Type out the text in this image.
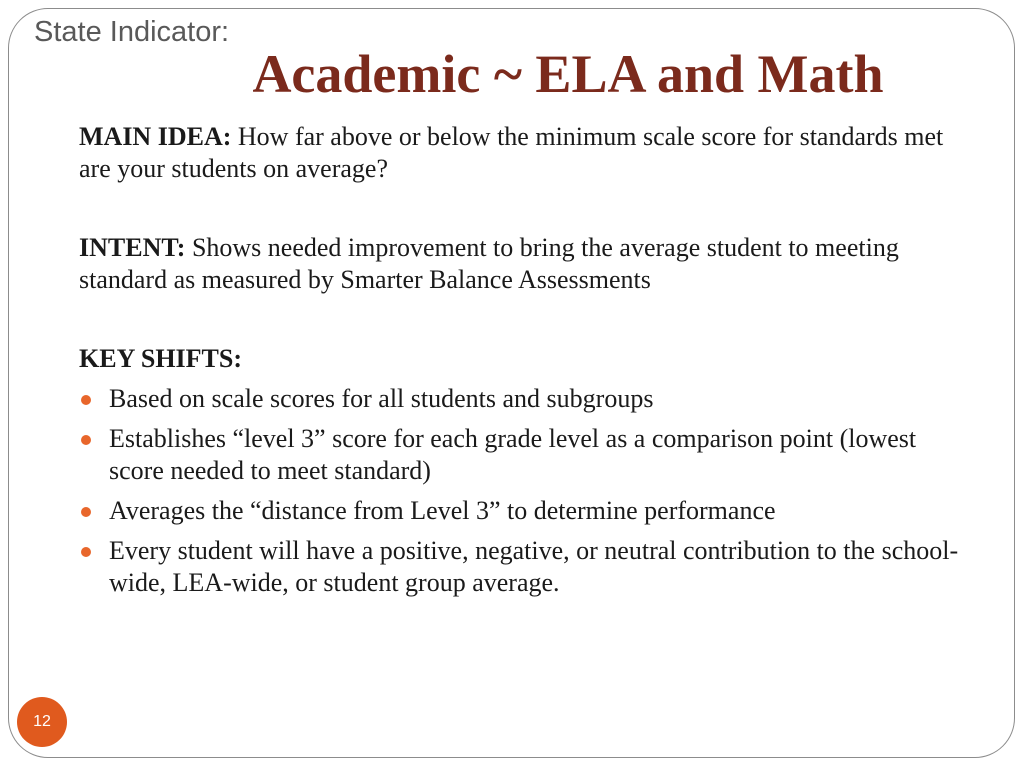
State Indicator:
Academic ~ ELA and Math

MAIN IDEA: How far above or below the minimum scale score for standards met are your students on average?

INTENT: Shows needed improvement to bring the average student to meeting standard as measured by Smarter Balance Assessments

KEY SHIFTS:

Based on scale scores for all students and subgroups
Establishes “level 3” score for each grade level as a comparison point (lowest score needed to meet standard)
Averages the “distance from Level 3” to determine performance
Every student will have a positive, negative, or neutral contribution to the school-wide, LEA-wide, or student group average.
12
